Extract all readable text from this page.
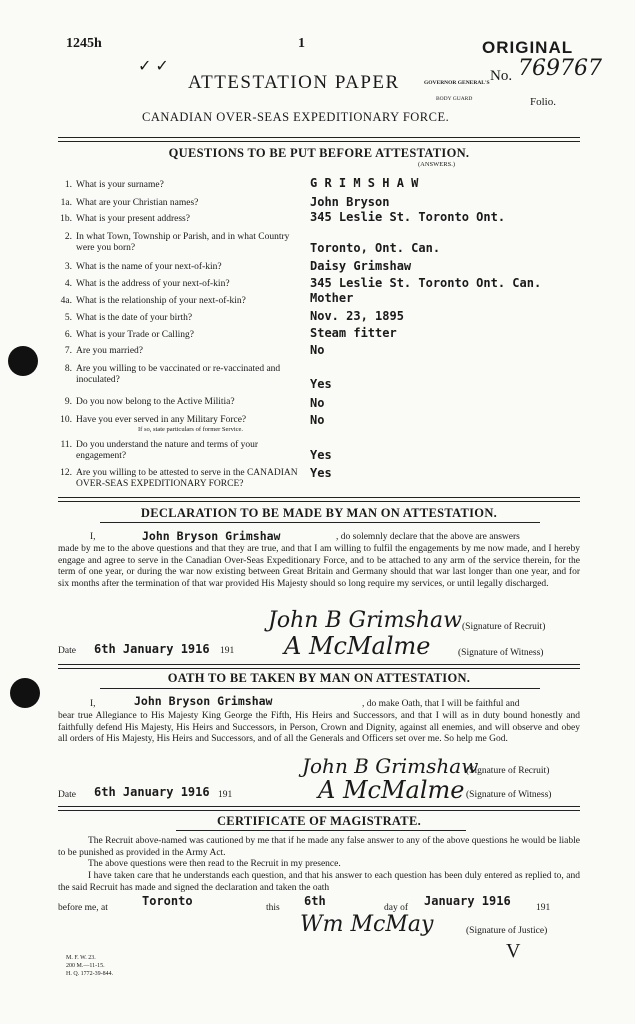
1245h	1
✓ ✓
ORIGINAL
ATTESTATION PAPER	GOVERNOR GENERAL'S
BODY GUARD
No. 769767
Folio.
CANADIAN OVER-SEAS EXPEDITIONARY FORCE.
QUESTIONS TO BE PUT BEFORE ATTESTATION.
(ANSWERS.)
1. What is your surname?	G R I M S H A W
1a. What are your Christian names?	John Bryson
1b. What is your present address?	345 Leslie St. Toronto Ont.
2. In what Town, Township or Parish, and in what Country were you born?	Toronto, Ont. Can.
3. What is the name of your next-of-kin?	Daisy Grimshaw
4. What is the address of your next-of-kin?	345 Leslie St. Toronto Ont. Can.
4a. What is the relationship of your next-of-kin?	Mother
5. What is the date of your birth?	Nov. 23, 1895
6. What is your Trade or Calling?	Steam fitter
7. Are you married?	No
8. Are you willing to be vaccinated or re-vaccinated and inoculated?	Yes
9. Do you now belong to the Active Militia?	No
10. Have you ever served in any Military Force?
If so, state particulars of former Service.
No
11. Do you understand the nature and terms of your engagement?	Yes
12. Are you willing to be attested to serve in the CANADIAN OVER-SEAS EXPEDITIONARY FORCE?
Yes
DECLARATION TO BE MADE BY MAN ON ATTESTATION.
I,	John Bryson Grimshaw	, do solemnly declare that the above are answers
made by me to the above questions and that they are true, and that I am willing to fulfil the engagements by me now made, and I hereby engage and agree to serve in the Canadian Over-Seas Expeditionary Force, and to be attached to any arm of the service therein, for the term of one year, or during the war now existing between Great Britain and Germany should that war last longer than one year, and for six months after the termination of that war provided His Majesty should so long require my services, or until legally discharged.
John B Grimshaw (Signature of Recruit)
Date 6th January 1916 191 A McMalme	(Signature of Witness)
OATH TO BE TAKEN BY MAN ON ATTESTATION.
I,	John Bryson Grimshaw	, do make Oath, that I will be faithful and
bear true Allegiance to His Majesty King George the Fifth, His Heirs and Successors, and that I will as in duty bound honestly and faithfully defend His Majesty, His Heirs and Successors, in Person, Crown and Dignity, against all enemies, and will observe and obey all orders of His Majesty, His Heirs and Successors, and of all the Generals and Officers set over me. So help me God.
John B Grimshaw
(Signature of Recruit)
Date 6th January 1916 191	A McMalme (Signature of Witness)
CERTIFICATE OF MAGISTRATE.
The Recruit above-named was cautioned by me that if he made any false answer to any of the above questions he would be liable to be punished as provided in the Army Act.
The above questions were then read to the Recruit in my presence.
I have taken care that he understands each question, and that his answer to each question has been duly entered as replied to, and the said Recruit has made and signed the declaration and taken the oath
before me, at	Toronto	this 6th	day of January 1916	191
Wm McMay	(Signature of Justice)
V
M. F. W. 23.
200 M.—11-15.
H. Q. 1772-39-844.
